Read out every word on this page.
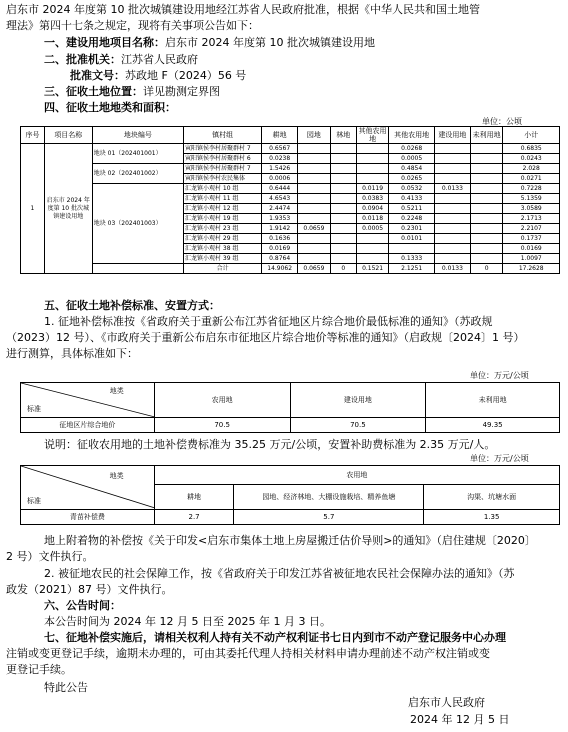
启东市 2024 年度第 10 批次城镇建设用地经江苏省人民政府批准，根据《中华人民共和国土地管
理法》第四十七条之规定，现将有关事项公告如下：
一、建设用地项目名称：启东市 2024 年度第 10 批次城镇建设用地
二、批准机关：江苏省人民政府
批准文号：苏政地 F（2024）56 号
三、征收土地位置：详见勘测定界图
四、征收土地地类和面积：
单位：公顷
序号	项目名称	地块编号	镇村组	耕地	园地	林地	其他农用地	其他农用地	建设用地	未利用地	小计
1	启东市 2024 年度第 10 批次城镇建设用地	地块 01（202401001）	寅阳镇侯李村居聚群村 7	0.6567				0.0268			0.6835
			寅阳镇侯李村居聚群村 6	0.0238				0.0005			0.0243
		地块 02（202401002）	寅阳镇侯李村居聚群村 7	1.5426				0.4854			2.028
			寅阳镇侯李村农民集体	0.0006				0.0265			0.0271
		地块 03（202401003）	汇龙镇小观村 10 组	0.6444			0.0119	0.0532	0.0133		0.7228
			汇龙镇小观村 11 组	4.6543			0.0383	0.4133			5.1359
			汇龙镇小观村 12 组	2.4474			0.0904	0.5211			3.0589
			汇龙镇小观村 19 组	1.9353			0.0118	0.2248			2.1713
			汇龙镇小观村 23 组	1.9142	0.0659		0.0005	0.2301			2.2107
			汇龙镇小观村 29 组	0.1636				0.0101			0.1737
			汇龙镇小观村 38 组	0.0169							0.0169
			汇龙镇小观村 39 组	0.8764				0.1333			1.0097
			合计	14.9062	0.0659	0	0.1521	2.1251	0.0133	0	17.2628
五、征收土地补偿标准、安置方式：
1. 征地补偿标准按《省政府关于重新公布江苏省征地区片综合地价最低标准的通知》（苏政规
（2023）12 号）、《市政府关于重新公布启东市征地区片综合地价等标准的通知》（启政规〔2024〕1 号）
进行测算，具体标准如下：
单位：万元/公顷
地类
标准	农用地	建设用地	未利用地
征地区片综合地价	70.5	70.5	49.35
说明：征收农用地的土地补偿费标准为 35.25 万元/公顷，安置补助费标准为 2.35 万元/人。
单位：万元/公顷
地类
标准	农用地		
	耕地	园地、经济林地、大棚设施栽培、精养鱼塘	沟渠、坑塘水面
青苗补偿费	2.7	5.7	1.35
地上附着物的补偿按《关于印发<启东市集体土地上房屋搬迁估价导则>的通知》（启住建规〔2020〕
2 号）文件执行。
2. 被征地农民的社会保障工作，按《省政府关于印发江苏省被征地农民社会保障办法的通知》（苏
政发（2021）87 号）文件执行。
六、公告时间：
本公告时间为 2024 年 12 月 5 日至 2025 年 1 月 3 日。
七、征地补偿实施后，请相关权利人持有关不动产权利证书七日内到市不动产登记服务中心办理
注销或变更登记手续，逾期未办理的，可由其委托代理人持相关材料申请办理前述不动产权注销或变
更登记手续。
特此公告
启东市人民政府
2024 年 12 月 5 日
